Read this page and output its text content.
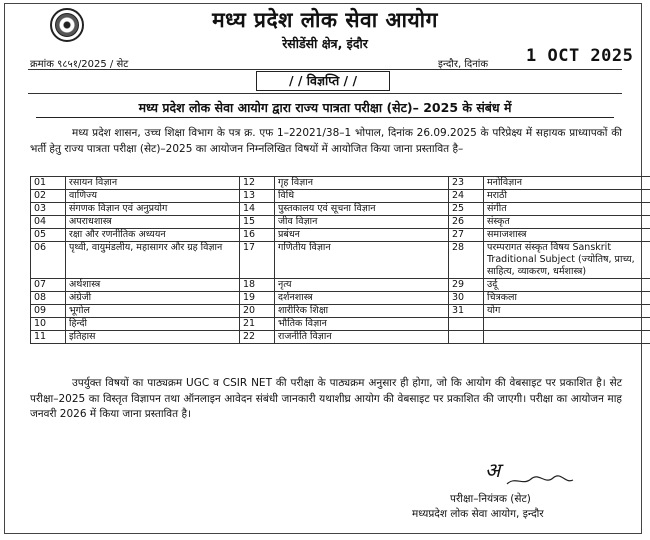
मध्य प्रदेश लोक सेवा आयोग
रेसीडेंसी क्षेत्र, इंदौर
क्रमांक ९८५१/2025 / सेट	इन्दौर, दिनांक 1 OCT 2025
/ / विज्ञप्ति / /
मध्य प्रदेश लोक सेवा आयोग द्वारा राज्य पात्रता परीक्षा (सेट)– 2025 के संबंध में
मध्य प्रदेश शासन, उच्च शिक्षा विभाग के पत्र क्र. एफ 1–22021/38–1 भोपाल, दिनांक 26.09.2025 के परिप्रेक्ष्य में सहायक प्राध्यापकों की भर्ती हेतु राज्य पात्रता परीक्षा (सेट)–2025 का आयोजन निम्नलिखित विषयों में आयोजित किया जाना प्रस्तावित है–
01	रसायन विज्ञान	12	गृह विज्ञान	23	मनोविज्ञान
02	वाणिज्य	13	विधि	24	मराठी
03	संगणक विज्ञान एवं अनुप्रयोग	14	पुस्तकालय एवं सूचना विज्ञान	25	संगीत
04	अपराधशास्त्र	15	जीव विज्ञान	26	संस्कृत
05	रक्षा और रणनीतिक अध्ययन	16	प्रबंधन	27	समाजशास्त्र
06	पृथ्वी, वायुमंडलीय, महासागर और ग्रह विज्ञान	17	गणितीय विज्ञान	28	परम्परागत संस्कृत विषय Sanskrit Traditional Subject (ज्योतिष, प्राच्य, साहित्य, व्याकरण, धर्मशास्त्र)
07	अर्थशास्त्र	18	नृत्य	29	उर्दू
08	अंग्रेजी	19	दर्शनशास्त्र	30	चित्रकला
09	भूगोल	20	शारीरिक शिक्षा	31	योग
10	हिन्दी	21	भौतिक विज्ञान		
11	इतिहास	22	राजनीति विज्ञान		
उपर्युक्त विषयों का पाठ्यक्रम UGC व CSIR NET की परीक्षा के पाठ्यक्रम अनुसार ही होगा, जो कि आयोग की वेबसाइट पर प्रकाशित है। सेट परीक्षा–2025 का विस्तृत विज्ञापन तथा ऑनलाइन आवेदन संबंधी जानकारी यथाशीघ्र आयोग की वेबसाइट पर प्रकाशित की जाएगी। परीक्षा का आयोजन माह जनवरी 2026 में किया जाना प्रस्तावित है।
अ
परीक्षा–नियंत्रक (सेट)
मध्यप्रदेश लोक सेवा आयोग, इन्दौर
